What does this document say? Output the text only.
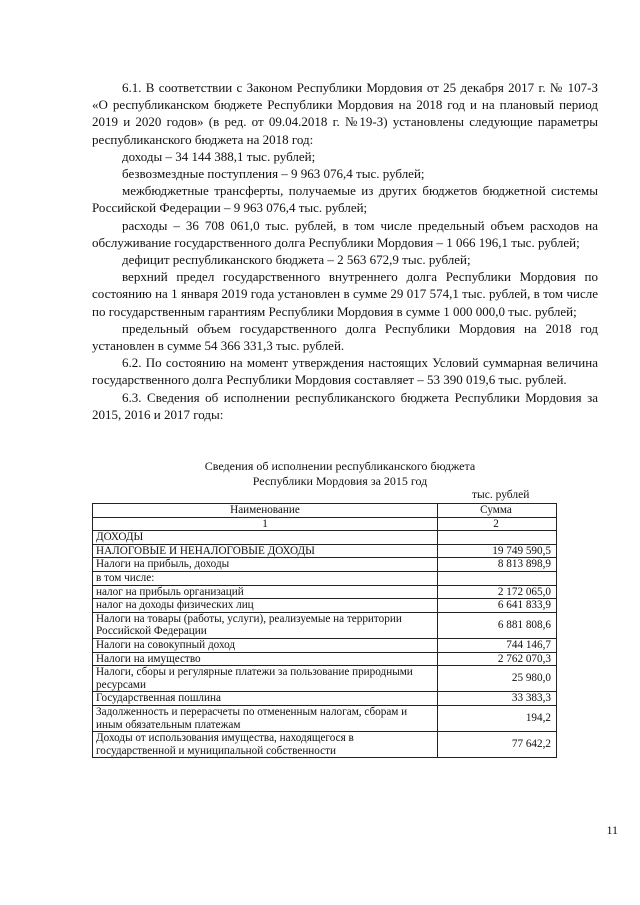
6.1. В соответствии с Законом Республики Мордовия от 25 декабря 2017 г. № 107-З «О республиканском бюджете Республики Мордовия на 2018 год и на плановый период 2019 и 2020 годов» (в ред. от 09.04.2018 г. №19-З) установлены следующие параметры республиканского бюджета на 2018 год:

доходы – 34 144 388,1 тыс. рублей;

безвозмездные поступления – 9 963 076,4 тыс. рублей;

межбюджетные трансферты, получаемые из других бюджетов бюджетной системы Российской Федерации – 9 963 076,4 тыс. рублей;

расходы – 36 708 061,0 тыс. рублей, в том числе предельный объем расходов на обслуживание государственного долга Республики Мордовия – 1 066 196,1 тыс. рублей;

дефицит республиканского бюджета – 2 563 672,9 тыс. рублей;

верхний предел государственного внутреннего долга Республики Мордовия по состоянию на 1 января 2019 года установлен в сумме 29 017 574,1 тыс. рублей, в том числе по государственным гарантиям Республики Мордовия в сумме 1 000 000,0 тыс. рублей;

предельный объем государственного долга Республики Мордовия на 2018 год установлен в сумме 54 366 331,3 тыс. рублей.

6.2. По состоянию на момент утверждения настоящих Условий суммарная величина государственного долга Республики Мордовия составляет – 53 390 019,6 тыс. рублей.

6.3. Сведения об исполнении республиканского бюджета Республики Мордовия за 2015, 2016 и 2017 годы:

Сведения об исполнении республиканского бюджета
Республики Мордовия за 2015 год
тыс. рублей
Наименование	Сумма
1	2
ДОХОДЫ	
НАЛОГОВЫЕ И НЕНАЛОГОВЫЕ ДОХОДЫ	19 749 590,5
Налоги на прибыль, доходы	8 813 898,9
в том числе:	
налог на прибыль организаций	2 172 065,0
налог на доходы физических лиц	6 641 833,9
Налоги на товары (работы, услуги), реализуемые на территории Российской Федерации	6 881 808,6
Налоги на совокупный доход	744 146,7
Налоги на имущество	2 762 070,3
Налоги, сборы и регулярные платежи за пользование природными ресурсами	25 980,0
Государственная пошлина	33 383,3
Задолженность и перерасчеты по отмененным налогам, сборам и иным обязательным платежам	194,2
Доходы от использования имущества, находящегося в государственной и муниципальной собственности	77 642,2
11
